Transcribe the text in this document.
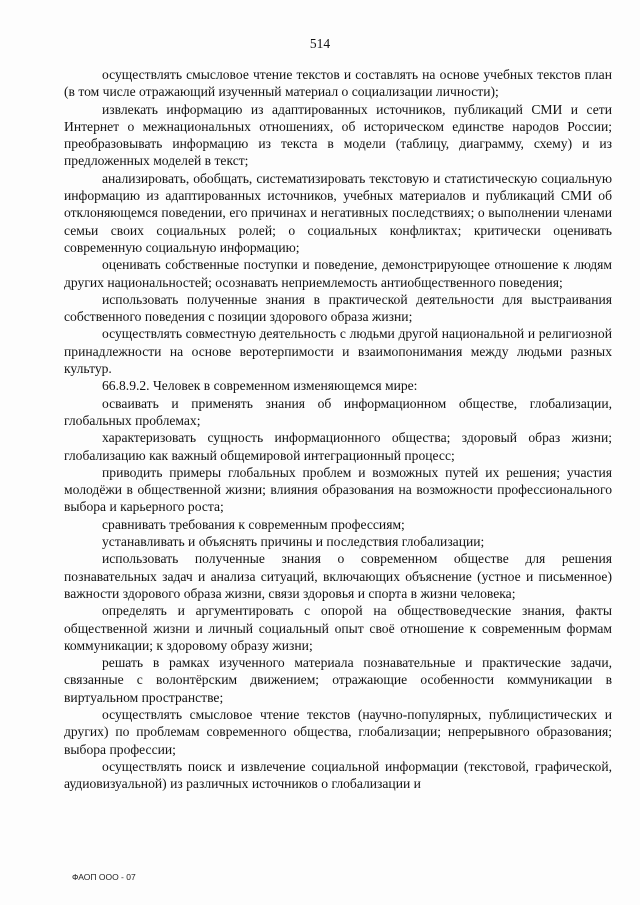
514

осуществлять смысловое чтение текстов и составлять на основе учебных текстов план (в том числе отражающий изученный материал о социализации личности);

извлекать информацию из адаптированных источников, публикаций СМИ и сети Интернет о межнациональных отношениях, об историческом единстве народов России; преобразовывать информацию из текста в модели (таблицу, диаграмму, схему) и из предложенных моделей в текст;

анализировать, обобщать, систематизировать текстовую и статистическую социальную информацию из адаптированных источников, учебных материалов и публикаций СМИ об отклоняющемся поведении, его причинах и негативных последствиях; о выполнении членами семьи своих социальных ролей; о социальных конфликтах; критически оценивать современную социальную информацию;

оценивать собственные поступки и поведение, демонстрирующее отношение к людям других национальностей; осознавать неприемлемость антиобщественного поведения;

использовать полученные знания в практической деятельности для выстраивания собственного поведения с позиции здорового образа жизни;

осуществлять совместную деятельность с людьми другой национальной и религиозной принадлежности на основе веротерпимости и взаимопонимания между людьми разных культур.

66.8.9.2. Человек в современном изменяющемся мире:

осваивать и применять знания об информационном обществе, глобализации, глобальных проблемах;

характеризовать сущность информационного общества; здоровый образ жизни; глобализацию как важный общемировой интеграционный процесс;

приводить примеры глобальных проблем и возможных путей их решения; участия молодёжи в общественной жизни; влияния образования на возможности профессионального выбора и карьерного роста;

сравнивать требования к современным профессиям;

устанавливать и объяснять причины и последствия глобализации;

использовать полученные знания о современном обществе для решения познавательных задач и анализа ситуаций, включающих объяснение (устное и письменное) важности здорового образа жизни, связи здоровья и спорта в жизни человека;

определять и аргументировать с опорой на обществоведческие знания, факты общественной жизни и личный социальный опыт своё отношение к современным формам коммуникации; к здоровому образу жизни;

решать в рамках изученного материала познавательные и практические задачи, связанные с волонтёрским движением; отражающие особенности коммуникации в виртуальном пространстве;

осуществлять смысловое чтение текстов (научно-популярных, публицистических и других) по проблемам современного общества, глобализации; непрерывного образования; выбора профессии;

осуществлять поиск и извлечение социальной информации (текстовой, графической, аудиовизуальной) из различных источников о глобализации и

ФАОП ООО - 07
